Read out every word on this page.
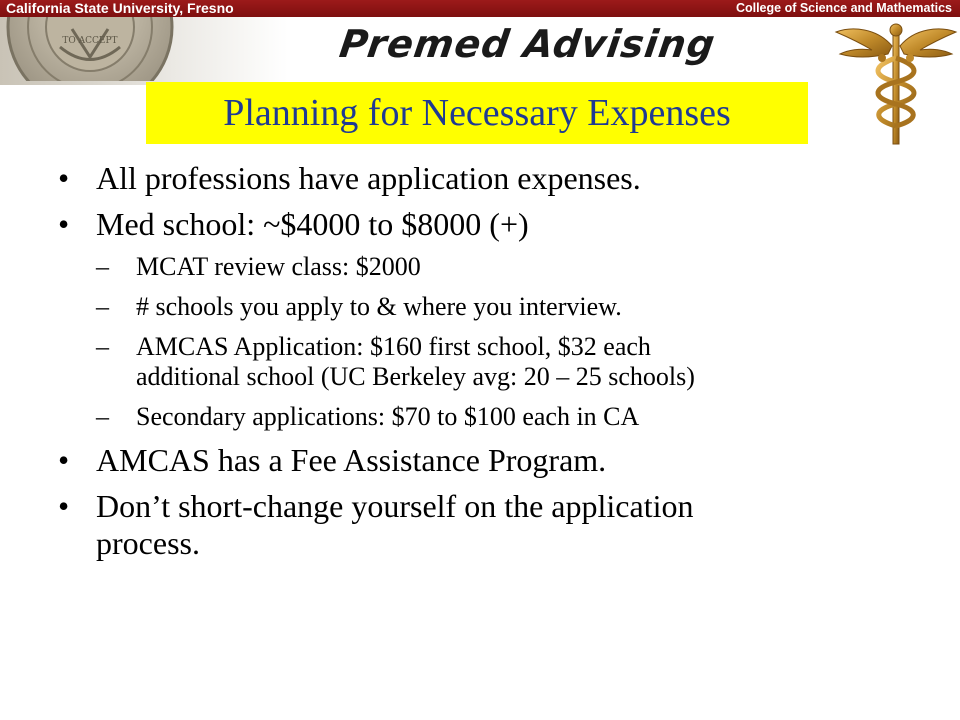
TO ACCEPT
California State University, Fresno	College of Science and Mathematics
Premed Advising
Planning for Necessary Expenses
• All professions have application expenses.
• Med school: ~$4000 to $8000 (+)
– MCAT review class: $2000
– # schools you apply to & where you interview.
– AMCAS Application: $160 first school, $32 each
additional school (UC Berkeley avg: 20 – 25 schools)
– Secondary applications: $70 to $100 each in CA
• AMCAS has a Fee Assistance Program.
• Don’t short-change yourself on the application
process.
